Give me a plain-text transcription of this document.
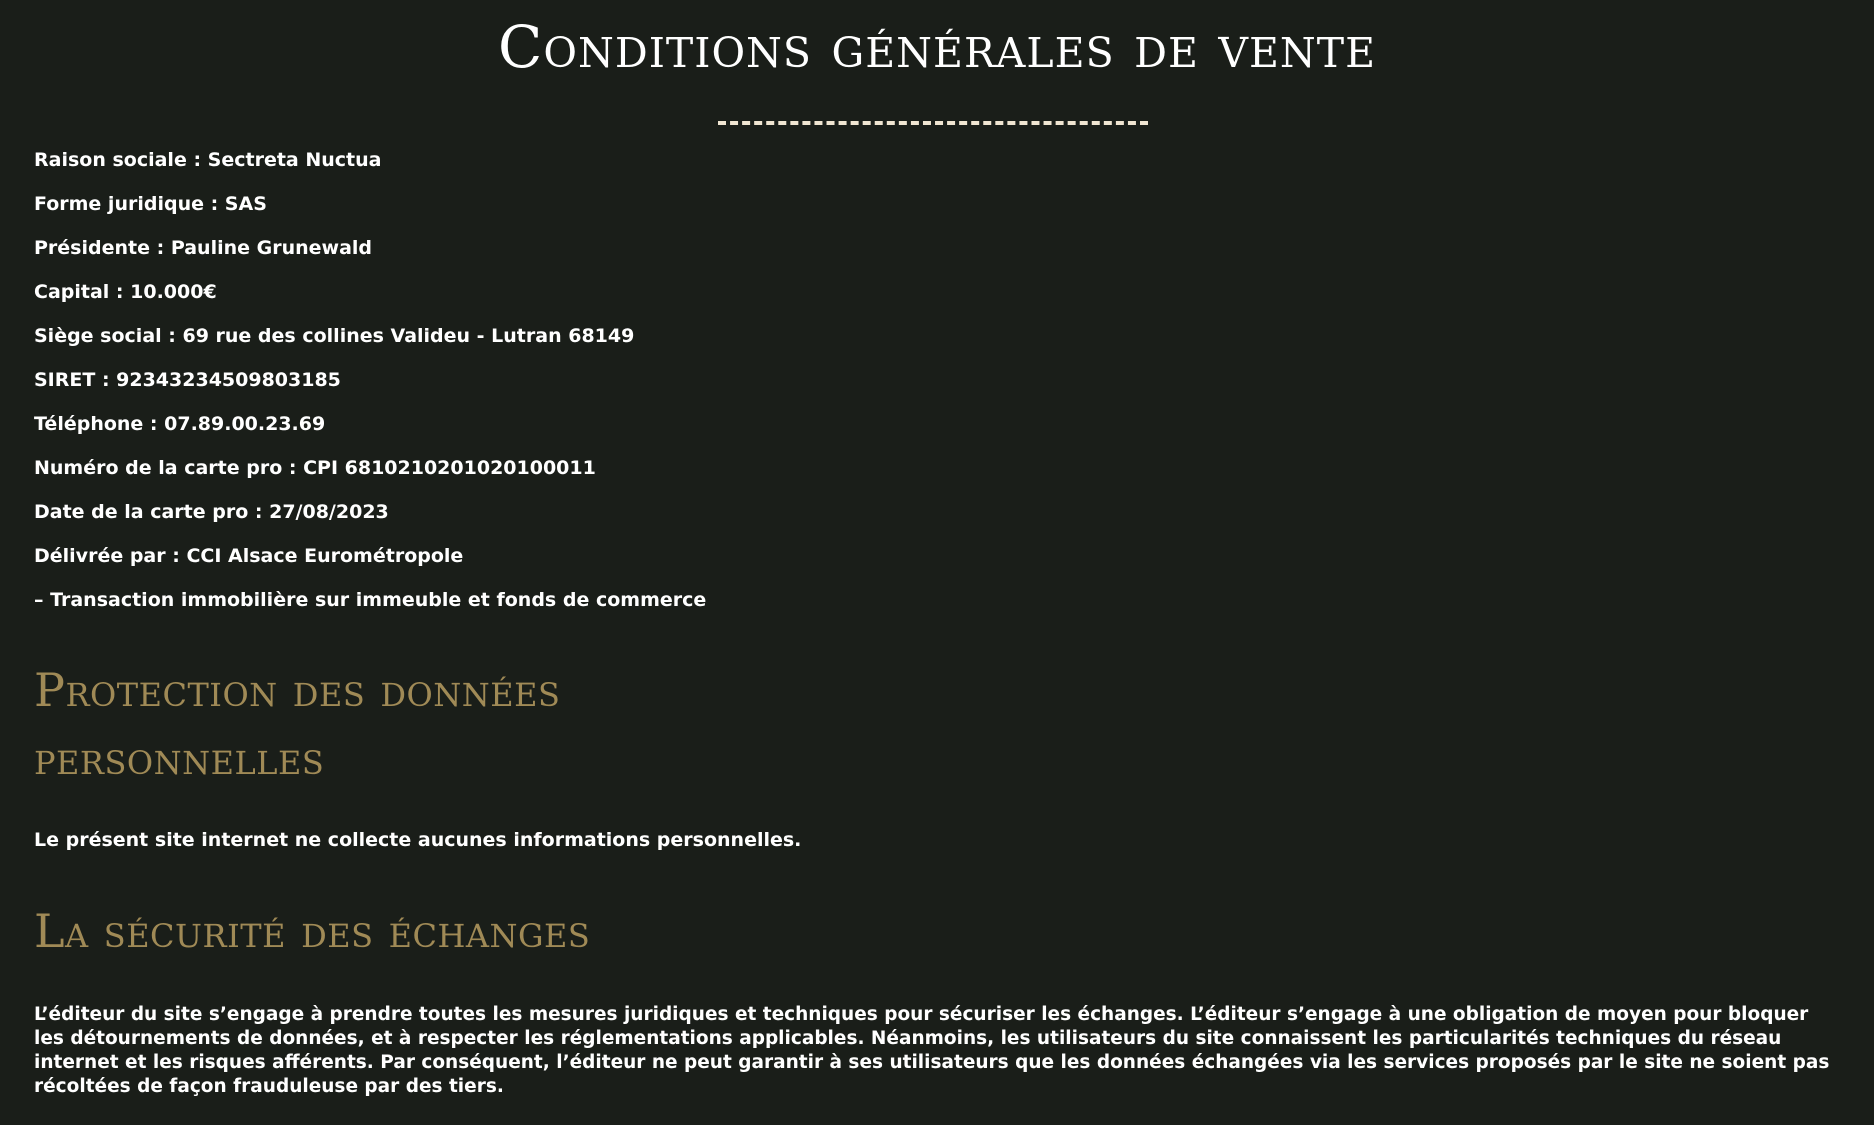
Conditions générales de vente
Raison sociale : Sectreta Nuctua
Forme juridique : SAS
Présidente : Pauline Grunewald
Capital : 10.000€
Siège social : 69 rue des collines Valideu - Lutran 68149
SIRET : 92343234509803185
Téléphone : 07.89.00.23.69
Numéro de la carte pro : CPI 6810210201020100011
Date de la carte pro : 27/08/2023
Délivrée par : CCI Alsace Eurométropole
– Transaction immobilière sur immeuble et fonds de commerce
Protection des données personnelles

Le présent site internet ne collecte aucunes informations personnelles.

La sécurité des échanges

L’éditeur du site s’engage à prendre toutes les mesures juridiques et techniques pour sécuriser les échanges. L’éditeur s’engage à une obligation de moyen pour bloquer les détournements de données, et à respecter les réglementations applicables. Néanmoins, les utilisateurs du site connaissent les particularités techniques du réseau internet et les risques afférents. Par conséquent, l’éditeur ne peut garantir à ses utilisateurs que les données échangées via les services proposés par le site ne soient pas récoltées de façon frauduleuse par des tiers.
